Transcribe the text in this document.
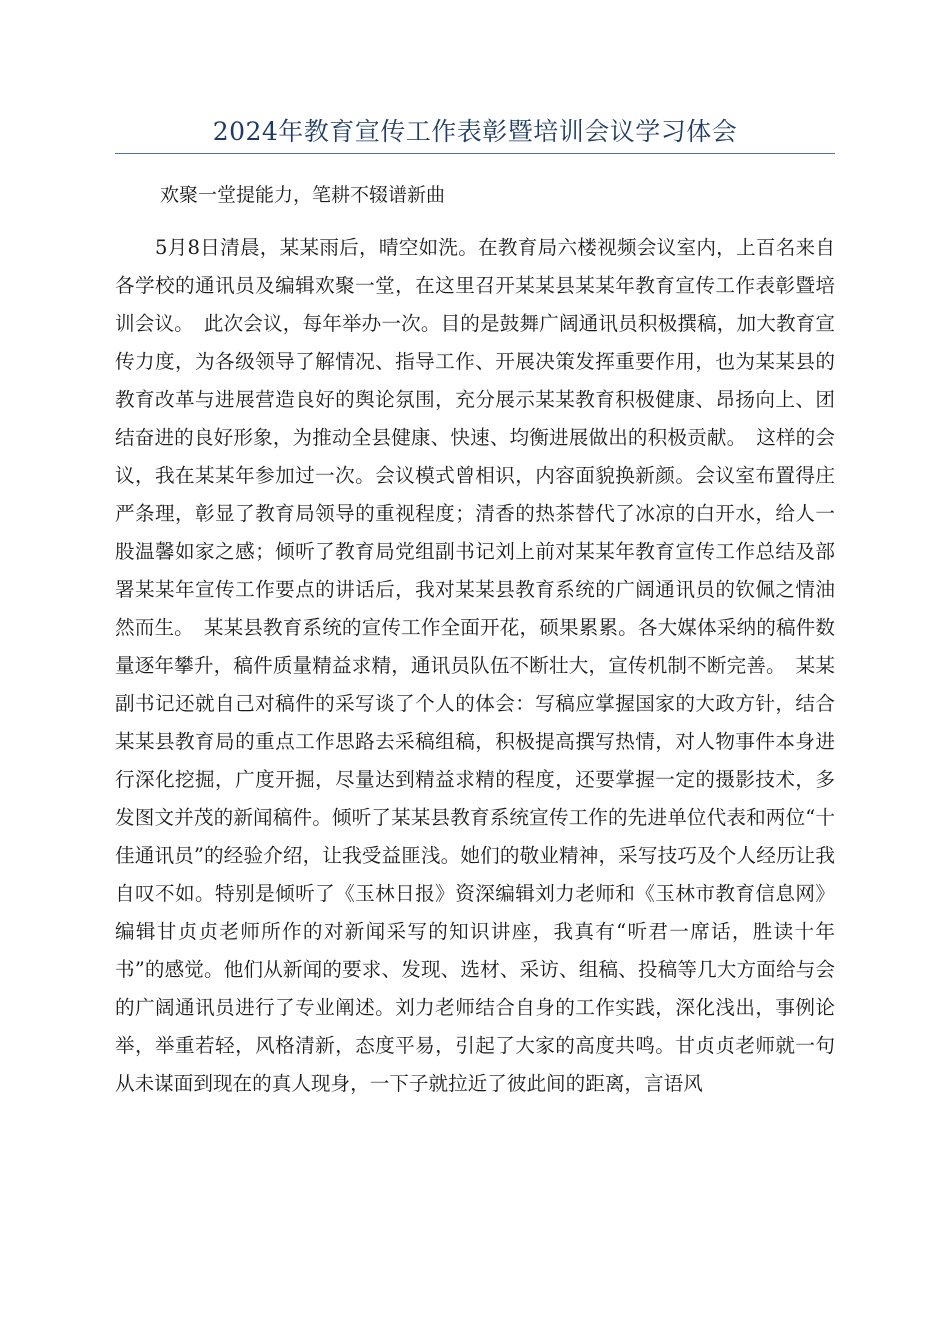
2024年教育宣传工作表彰暨培训会议学习体会

欢聚一堂提能力，笔耕不辍谱新曲

5月8日清晨，某某雨后，晴空如洗。在教育局六楼视频会议室内，上百名来自各学校的通讯员及编辑欢聚一堂，在这里召开某某县某某年教育宣传工作表彰暨培训会议。　此次会议，每年举办一次。目的是鼓舞广阔通讯员积极撰稿，加大教育宣传力度，为各级领导了解情况、指导工作、开展决策发挥重要作用，也为某某县的教育改革与进展营造良好的舆论氛围，充分展示某某教育积极健康、昂扬向上、团结奋进的良好形象，为推动全县健康、快速、均衡进展做出的积极贡献。　这样的会议，我在某某年参加过一次。会议模式曾相识，内容面貌换新颜。会议室布置得庄严条理，彰显了教育局领导的重视程度；清香的热茶替代了冰凉的白开水，给人一股温馨如家之感；倾听了教育局党组副书记刘上前对某某年教育宣传工作总结及部署某某年宣传工作要点的讲话后，我对某某县教育系统的广阔通讯员的钦佩之情油然而生。　某某县教育系统的宣传工作全面开花，硕果累累。各大媒体采纳的稿件数量逐年攀升，稿件质量精益求精，通讯员队伍不断壮大，宣传机制不断完善。　某某副书记还就自己对稿件的采写谈了个人的体会：写稿应掌握国家的大政方针，结合某某县教育局的重点工作思路去采稿组稿，积极提高撰写热情，对人物事件本身进行深化挖掘，广度开掘，尽量达到精益求精的程度，还要掌握一定的摄影技术，多发图文并茂的新闻稿件。倾听了某某县教育系统宣传工作的先进单位代表和两位“十佳通讯员”的经验介绍，让我受益匪浅。她们的敬业精神，采写技巧及个人经历让我自叹不如。特别是倾听了《玉林日报》资深编辑刘力老师和《玉林市教育信息网》编辑甘贞贞老师所作的对新闻采写的知识讲座，我真有“听君一席话，胜读十年书”的感觉。他们从新闻的要求、发现、选材、采访、组稿、投稿等几大方面给与会的广阔通讯员进行了专业阐述。刘力老师结合自身的工作实践，深化浅出，事例论举，举重若轻，风格清新，态度平易，引起了大家的高度共鸣。甘贞贞老师就一句从未谋面到现在的真人现身，一下子就拉近了彼此间的距离，言语风
